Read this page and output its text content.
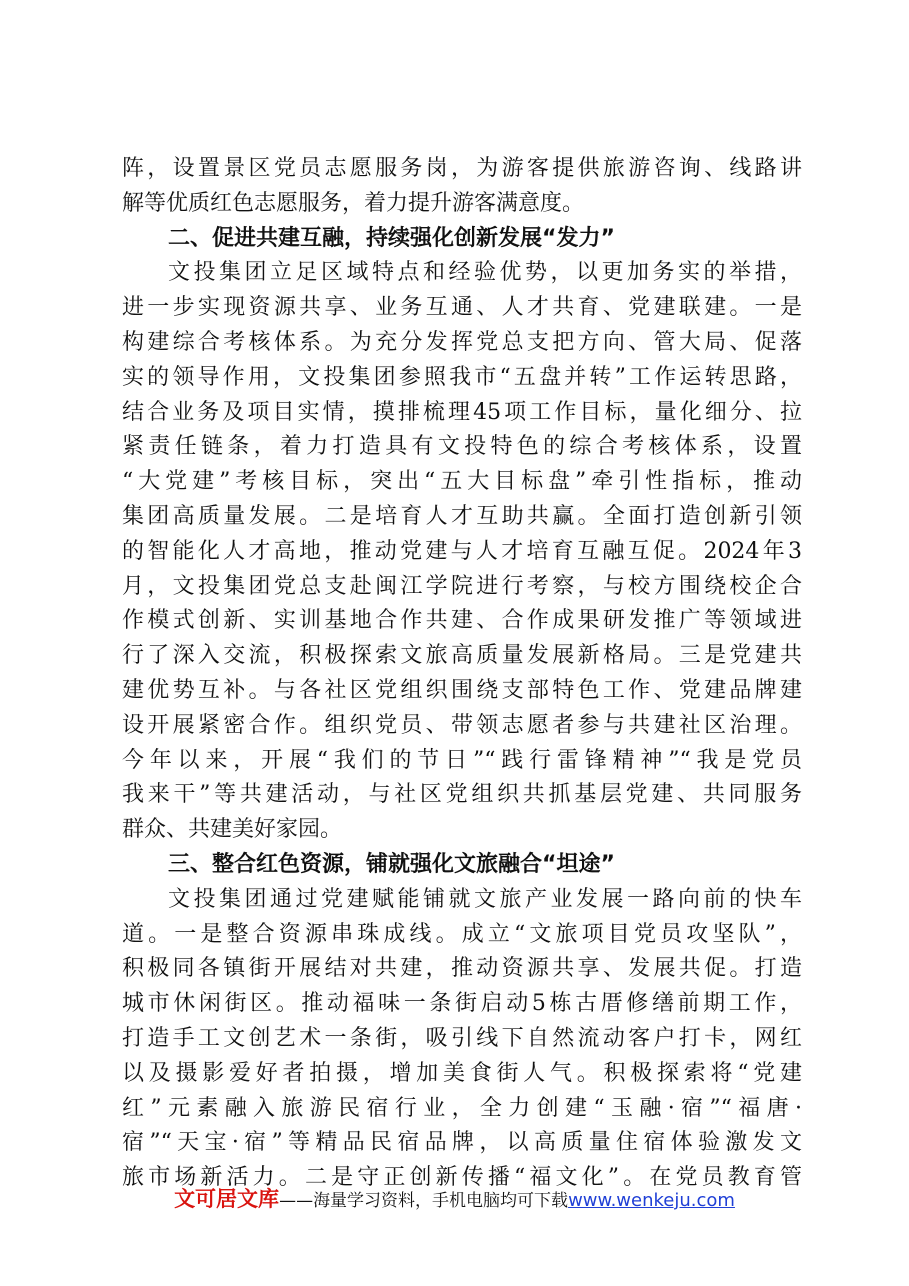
阵，设置景区党员志愿服务岗，为游客提供旅游咨询、线路讲
解等优质红色志愿服务，着力提升游客满意度。
二、促进共建互融，持续强化创新发展“发力”
文投集团立足区域特点和经验优势，以更加务实的举措，
进一步实现资源共享、业务互通、人才共育、党建联建。一是
构建综合考核体系。为充分发挥党总支把方向、管大局、促落
实的领导作用，文投集团参照我市“五盘并转”工作运转思路，
结合业务及项目实情，摸排梳理45项工作目标，量化细分、拉
紧责任链条，着力打造具有文投特色的综合考核体系，设置
“大党建”考核目标，突出“五大目标盘”牵引性指标，推动
集团高质量发展。二是培育人才互助共赢。全面打造创新引领
的智能化人才高地，推动党建与人才培育互融互促。2024年3
月，文投集团党总支赴闽江学院进行考察，与校方围绕校企合
作模式创新、实训基地合作共建、合作成果研发推广等领域进
行了深入交流，积极探索文旅高质量发展新格局。三是党建共
建优势互补。与各社区党组织围绕支部特色工作、党建品牌建
设开展紧密合作。组织党员、带领志愿者参与共建社区治理。
今年以来，开展“我们的节日”“践行雷锋精神”“我是党员
我来干”等共建活动，与社区党组织共抓基层党建、共同服务
群众、共建美好家园。
三、整合红色资源，铺就强化文旅融合“坦途”
文投集团通过党建赋能铺就文旅产业发展一路向前的快车
道。一是整合资源串珠成线。成立“文旅项目党员攻坚队”，
积极同各镇街开展结对共建，推动资源共享、发展共促。打造
城市休闲街区。推动福味一条街启动5栋古厝修缮前期工作，
打造手工文创艺术一条街，吸引线下自然流动客户打卡，网红
以及摄影爱好者拍摄，增加美食街人气。积极探索将“党建
红”元素融入旅游民宿行业，全力创建“玉融·宿”“福唐·
宿”“天宝·宿”等精品民宿品牌，以高质量住宿体验激发文
旅市场新活力。二是守正创新传播“福文化”。在党员教育管
文可居文库——海量学习资料，手机电脑均可下载www.wenkeju.com
